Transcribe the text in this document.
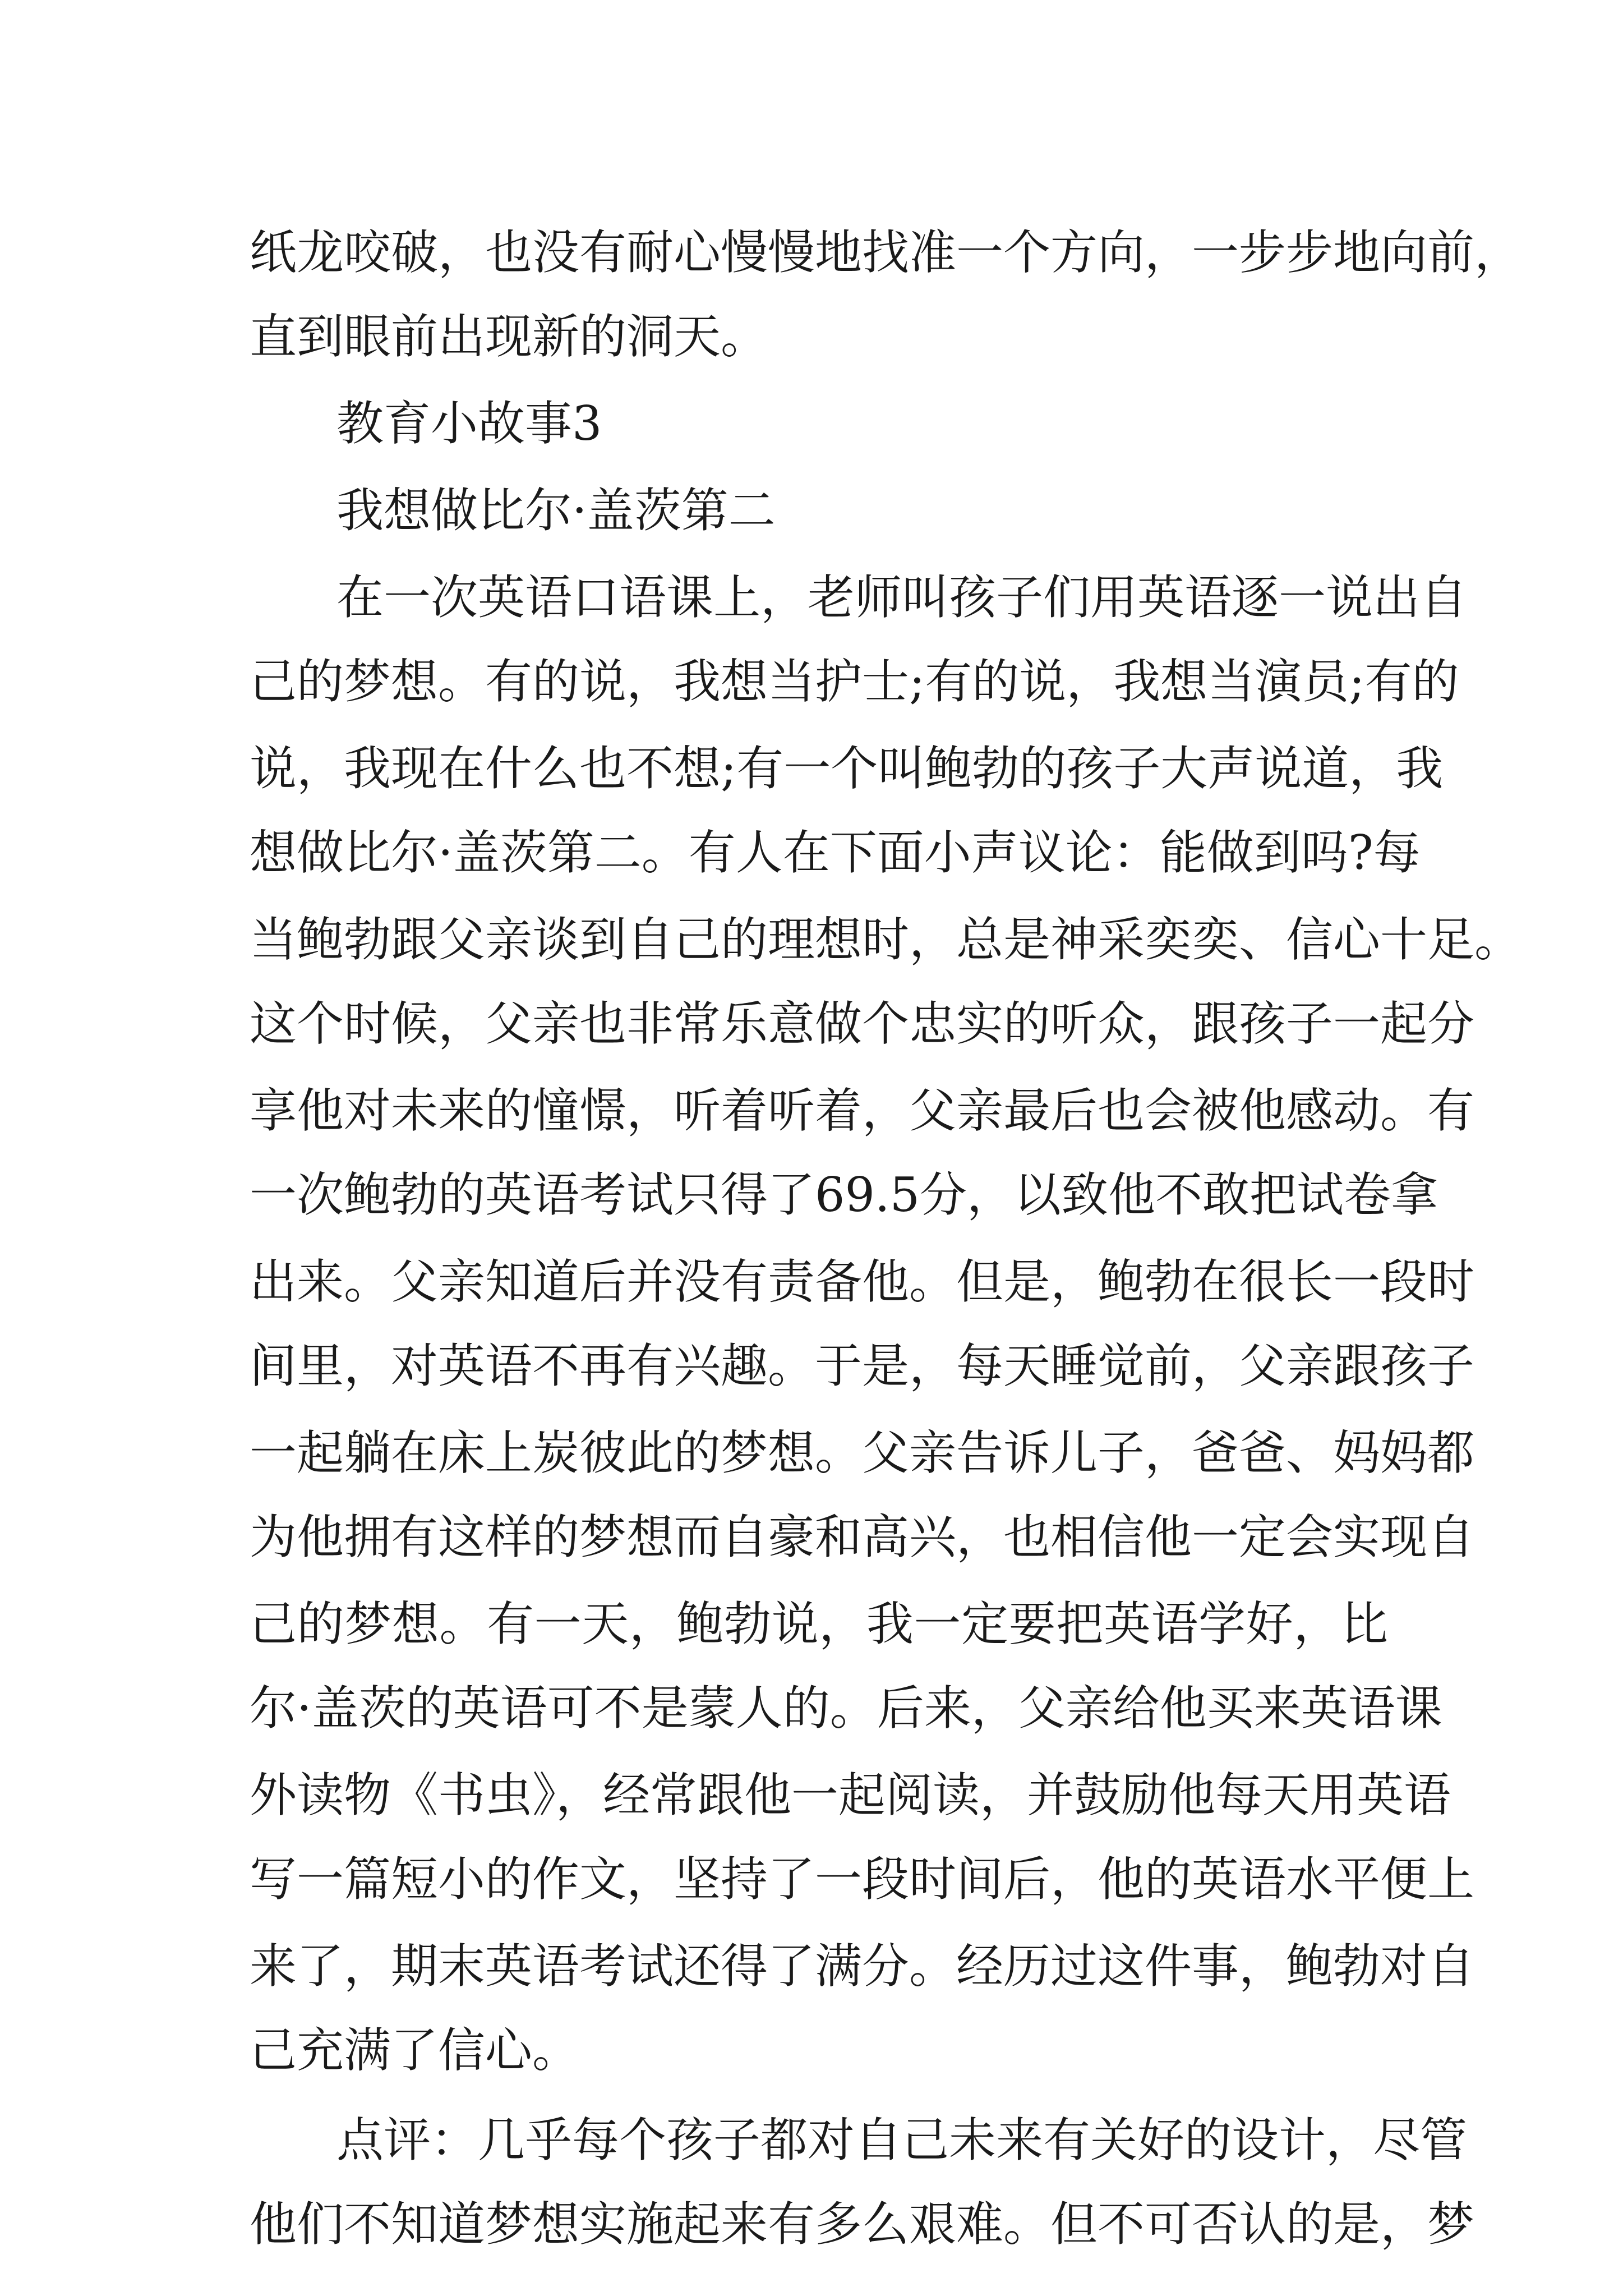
纸龙咬破，也没有耐心慢慢地找准一个方向，一步步地向前，
直到眼前出现新的洞天。
教育小故事3
我想做比尔·盖茨第二
在一次英语口语课上，老师叫孩子们用英语逐一说出自
己的梦想。有的说，我想当护士;有的说，我想当演员;有的
说，我现在什么也不想;有一个叫鲍勃的孩子大声说道，我
想做比尔·盖茨第二。有人在下面小声议论：能做到吗?每
当鲍勃跟父亲谈到自己的理想时，总是神采奕奕、信心十足。
这个时候，父亲也非常乐意做个忠实的听众，跟孩子一起分
享他对未来的憧憬，听着听着，父亲最后也会被他感动。有
一次鲍勃的英语考试只得了69.5分，以致他不敢把试卷拿
出来。父亲知道后并没有责备他。但是，鲍勃在很长一段时
间里，对英语不再有兴趣。于是，每天睡觉前，父亲跟孩子
一起躺在床上炭彼此的梦想。父亲告诉儿子，爸爸、妈妈都
为他拥有这样的梦想而自豪和高兴，也相信他一定会实现自
己的梦想。有一天，鲍勃说，我一定要把英语学好，比
尔·盖茨的英语可不是蒙人的。后来，父亲给他买来英语课
外读物《书虫》，经常跟他一起阅读，并鼓励他每天用英语
写一篇短小的作文，坚持了一段时间后，他的英语水平便上
来了，期末英语考试还得了满分。经历过这件事，鲍勃对自
己充满了信心。
点评：几乎每个孩子都对自己未来有关好的设计，尽管
他们不知道梦想实施起来有多么艰难。但不可否认的是，梦
